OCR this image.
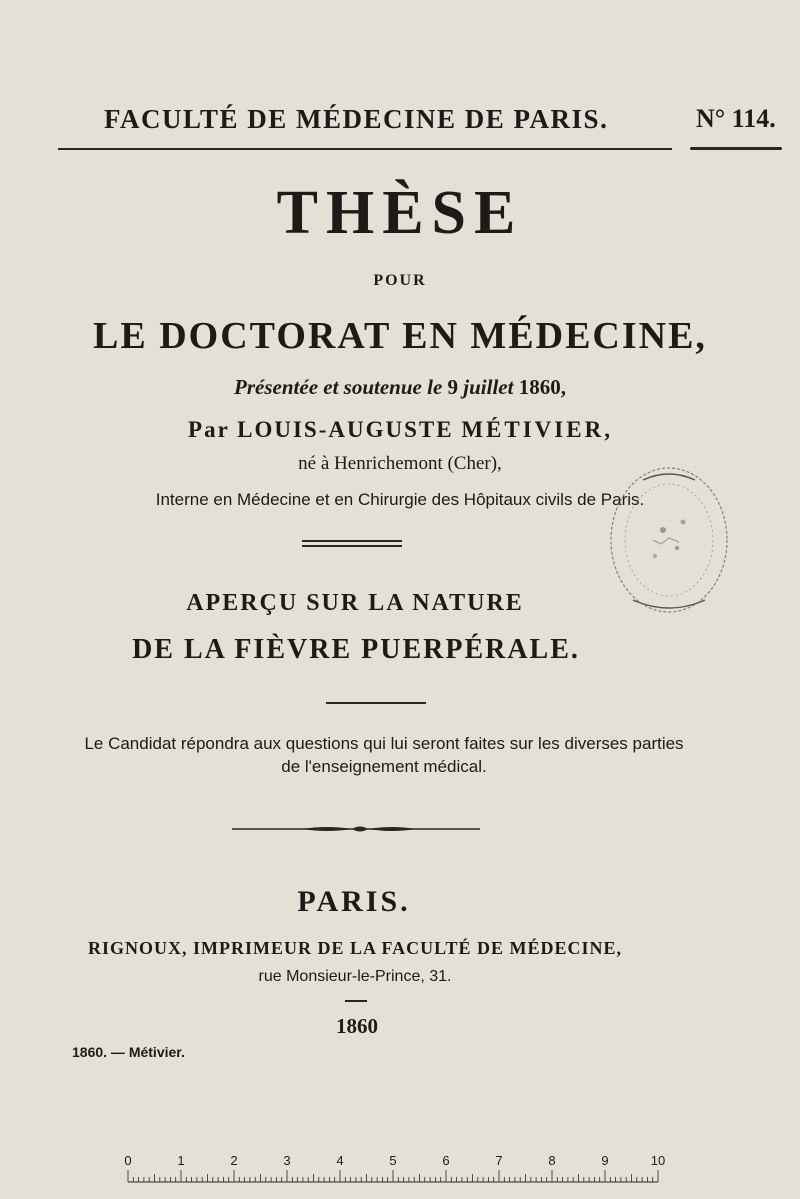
FACULTÉ DE MÉDECINE DE PARIS.	N° 114.
THÈSE
POUR
LE DOCTORAT EN MÉDECINE,
Présentée et soutenue le 9 juillet 1860,
Par LOUIS-AUGUSTE MÉTIVIER,
né à Henrichemont (Cher),
Interne en Médecine et en Chirurgie des Hôpitaux civils de Paris.
APERÇU SUR LA NATURE
DE LA FIÈVRE PUERPÉRALE.
Le Candidat répondra aux questions qui lui seront faites sur les diverses parties
de l'enseignement médical.
PARIS.
RIGNOUX, IMPRIMEUR DE LA FACULTÉ DE MÉDECINE,
rue Monsieur-le-Prince, 31.
1860
1860. — Métivier.
0	1	2	3	4	5	6	7	8	9	10
